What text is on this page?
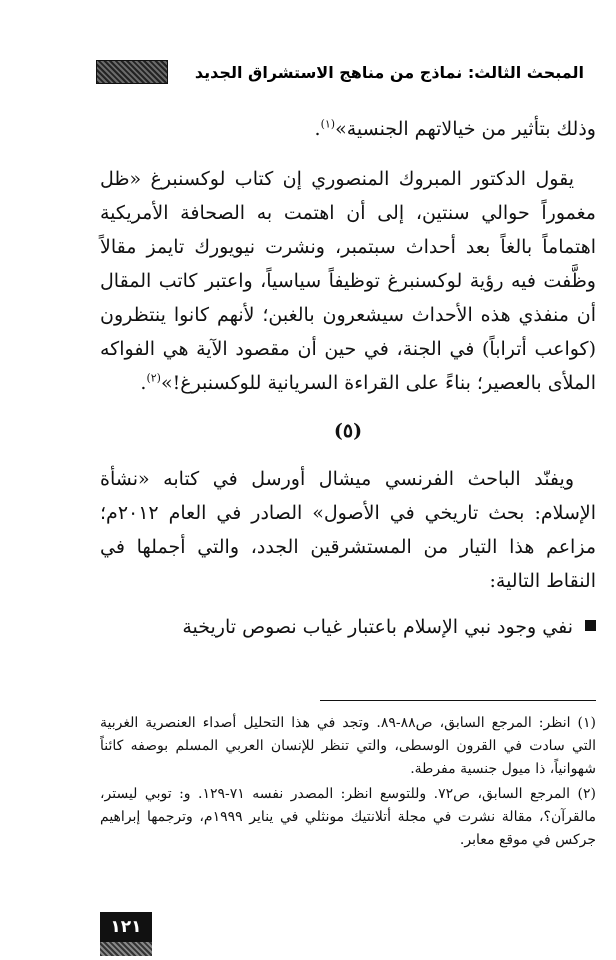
المبحث الثالث: نماذج من مناهج الاستشراق الجديد

وذلك بتأثير من خيالاتهم الجنسية»$^{(١)}$.

يقول الدكتور المبروك المنصوري إن كتاب لوكسنبرغ «ظل مغموراً حوالي سنتين، إلى أن اهتمت به الصحافة الأمريكية اهتماماً بالغاً بعد أحداث سبتمبر، ونشرت نيويورك تايمز مقالاً وظَّفت فيه رؤية لوكسنبرغ توظيفاً سياسياً، واعتبر كاتب المقال أن منفذي هذه الأحداث سيشعرون بالغبن؛ لأنهم كانوا ينتظرون (كواعب أتراباً) في الجنة، في حين أن مقصود الآية هي الفواكه الملأى بالعصير؛ بناءً على القراءة السريانية للوكسنبرغ!»$^{(٢)}$.

(٥)

ويفنّد الباحث الفرنسي ميشال أورسل في كتابه «نشأة الإسلام: بحث تاريخي في الأصول» الصادر في العام ٢٠١٢م؛ مزاعم هذا التيار من المستشرقين الجدد، والتي أجملها في النقاط التالية:

نفي وجود نبي الإسلام باعتبار غياب نصوص تاريخية

(١) انظر: المرجع السابق، ص٨٨-٨٩. وتجد في هذا التحليل أصداء العنصرية الغربية التي سادت في القرون الوسطى، والتي تنظر للإنسان العربي المسلم بوصفه كائناً شهوانياً، ذا ميول جنسية مفرطة.

(٢) المرجع السابق، ص٧٢. وللتوسع انظر: المصدر نفسه ٧١-١٢٩. و: توبي ليستر، مالقرآن؟، مقالة نشرت في مجلة أتلانتيك مونثلي في يناير ١٩٩٩م، وترجمها إبراهيم جركس في موقع معابر.

١٢١
